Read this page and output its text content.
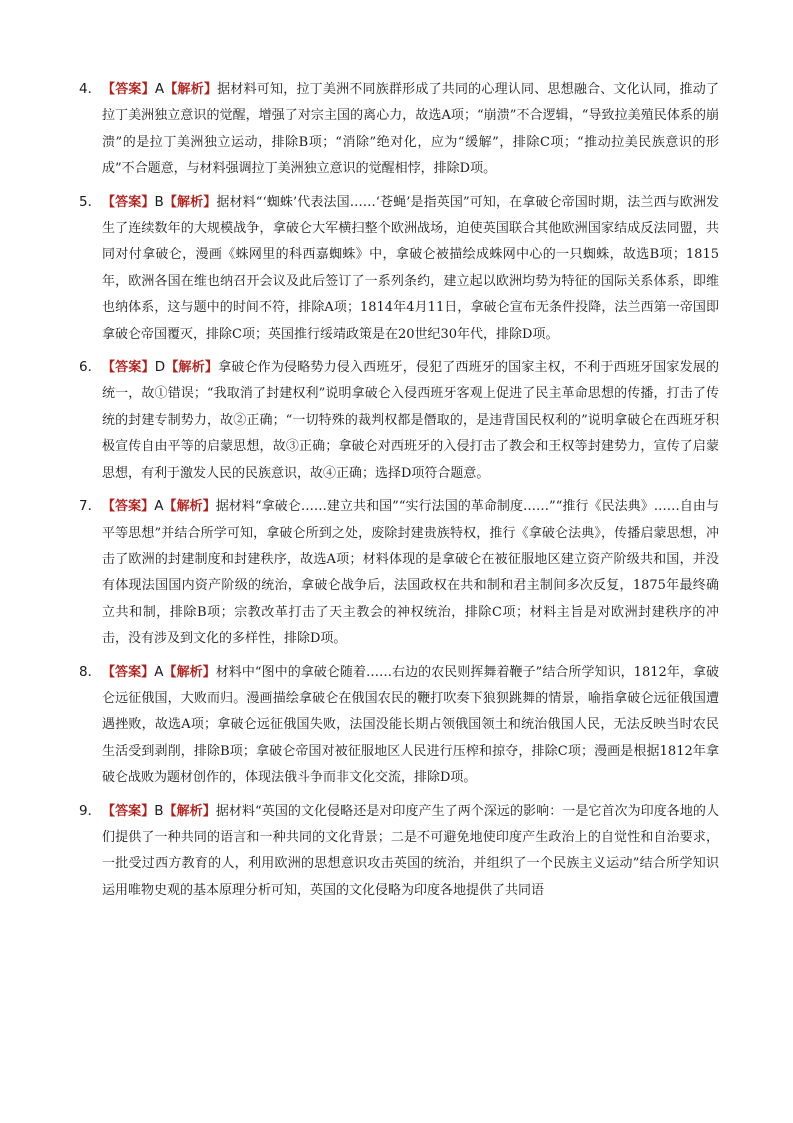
4． 【答案】A【解析】据材料可知，拉丁美洲不同族群形成了共同的心理认同、思想融合、文化认同，推动了拉丁美洲独立意识的觉醒，增强了对宗主国的离心力，故选A项；“崩溃”不合逻辑，“导致拉美殖民体系的崩溃”的是拉丁美洲独立运动，排除B项；“消除”绝对化，应为“缓解”，排除C项；“推动拉美民族意识的形成”不合题意，与材料强调拉丁美洲独立意识的觉醒相悖，排除D项。

5． 【答案】B【解析】据材料“‘蜘蛛’代表法国……‘苍蝇’是指英国”可知，在拿破仑帝国时期，法兰西与欧洲发生了连续数年的大规模战争，拿破仑大军横扫整个欧洲战场，迫使英国联合其他欧洲国家结成反法同盟，共同对付拿破仑，漫画《蛛网里的科西嘉蜘蛛》中，拿破仑被描绘成蛛网中心的一只蜘蛛，故选B项；1815年，欧洲各国在维也纳召开会议及此后签订了一系列条约，建立起以欧洲均势为特征的国际关系体系，即维也纳体系，这与题中的时间不符，排除A项；1814年4月11日，拿破仑宣布无条件投降，法兰西第一帝国即拿破仑帝国覆灭，排除C项；英国推行绥靖政策是在20世纪30年代，排除D项。

6． 【答案】D【解析】拿破仑作为侵略势力侵入西班牙，侵犯了西班牙的国家主权，不利于西班牙国家发展的统一，故①错误；“我取消了封建权利”说明拿破仑入侵西班牙客观上促进了民主革命思想的传播，打击了传统的封建专制势力，故②正确；“一切特殊的裁判权都是僭取的，是违背国民权利的”说明拿破仑在西班牙积极宣传自由平等的启蒙思想，故③正确；拿破仑对西班牙的入侵打击了教会和王权等封建势力，宣传了启蒙思想，有利于激发人民的民族意识，故④正确；选择D项符合题意。

7． 【答案】A【解析】据材料“拿破仑……建立共和国”“实行法国的革命制度……”“推行《民法典》……自由与平等思想”并结合所学可知，拿破仑所到之处，废除封建贵族特权，推行《拿破仑法典》，传播启蒙思想，冲击了欧洲的封建制度和封建秩序，故选A项；材料体现的是拿破仑在被征服地区建立资产阶级共和国，并没有体现法国国内资产阶级的统治，拿破仑战争后，法国政权在共和制和君主制间多次反复，1875年最终确立共和制，排除B项；宗教改革打击了天主教会的神权统治，排除C项；材料主旨是对欧洲封建秩序的冲击，没有涉及到文化的多样性，排除D项。

8． 【答案】A【解析】材料中“图中的拿破仑随着……右边的农民则挥舞着鞭子”结合所学知识，1812年，拿破仑远征俄国，大败而归。漫画描绘拿破仑在俄国农民的鞭打吹奏下狼狈跳舞的情景，喻指拿破仑远征俄国遭遇挫败，故选A项；拿破仑远征俄国失败，法国没能长期占领俄国领土和统治俄国人民，无法反映当时农民生活受到剥削，排除B项；拿破仑帝国对被征服地区人民进行压榨和掠夺，排除C项；漫画是根据1812年拿破仑战败为题材创作的，体现法俄斗争而非文化交流，排除D项。

9． 【答案】B【解析】据材料“英国的文化侵略还是对印度产生了两个深远的影响：一是它首次为印度各地的人们提供了一种共同的语言和一种共同的文化背景；二是不可避免地使印度产生政治上的自觉性和自治要求，一批受过西方教育的人，利用欧洲的思想意识攻击英国的统治，并组织了一个民族主义运动”结合所学知识运用唯物史观的基本原理分析可知，英国的文化侵略为印度各地提供了共同语
